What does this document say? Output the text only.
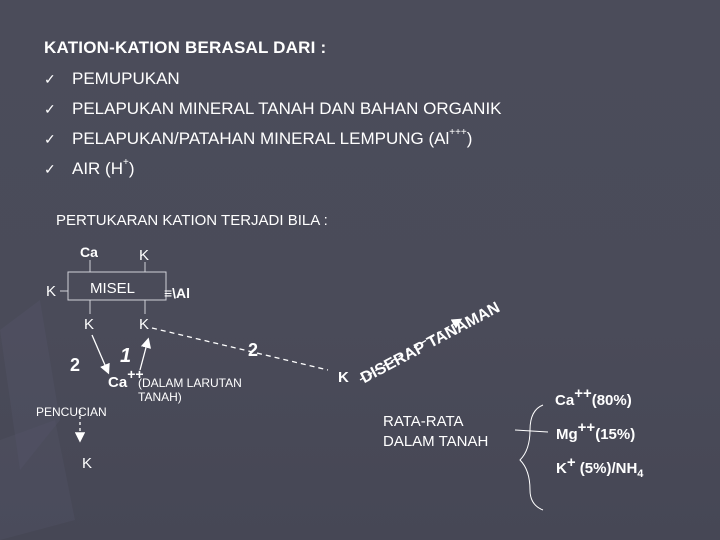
KATION-KATION BERASAL DARI :
✓ PEMUPUKAN
✓ PELAPUKAN MINERAL TANAH DAN BAHAN ORGANIK
✓ PELAPUKAN/PATAHAN MINERAL LEMPUNG (Al +++ )
✓ AIR (H + )
PERTUKARAN KATION TERJADI BILA :
Ca	K
K MISEL ≡\Al
K	K
2 1	2
Ca++
(DALAM LARUTAN
TANAH)
PENCUCIAN
K
K DISERAP TANAMAN
RATA-RATA
DALAM TANAH
Ca++(80%)
Mg++(15%)
$K+ (5\%)/NH_4$
